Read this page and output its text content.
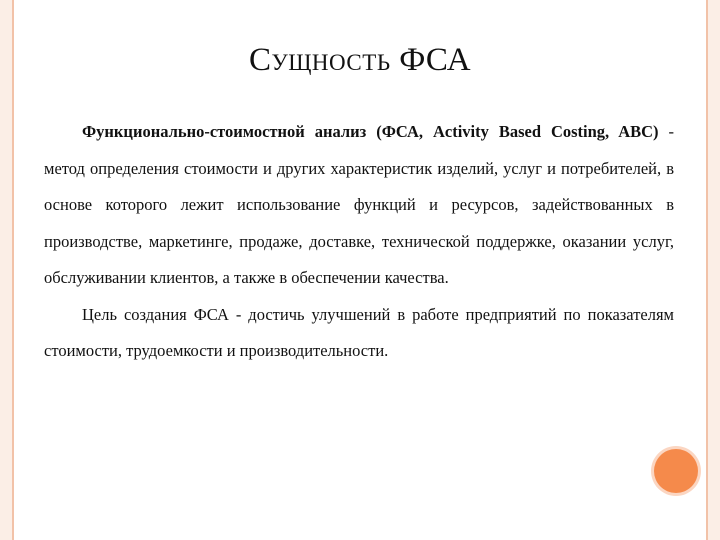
Сущность ФСА

Функционально-стоимостной анализ (ФСА, Activity Based Costing, ABC) - метод определения стоимости и других характеристик изделий, услуг и потребителей, в основе которого лежит использование функций и ресурсов, задействованных в производстве, маркетинге, продаже, доставке, технической поддержке, оказании услуг, обслуживании клиентов, а также в обеспечении качества.

Цель создания ФСА - достичь улучшений в работе предприятий по показателям стоимости, трудоемкости и производительности.
